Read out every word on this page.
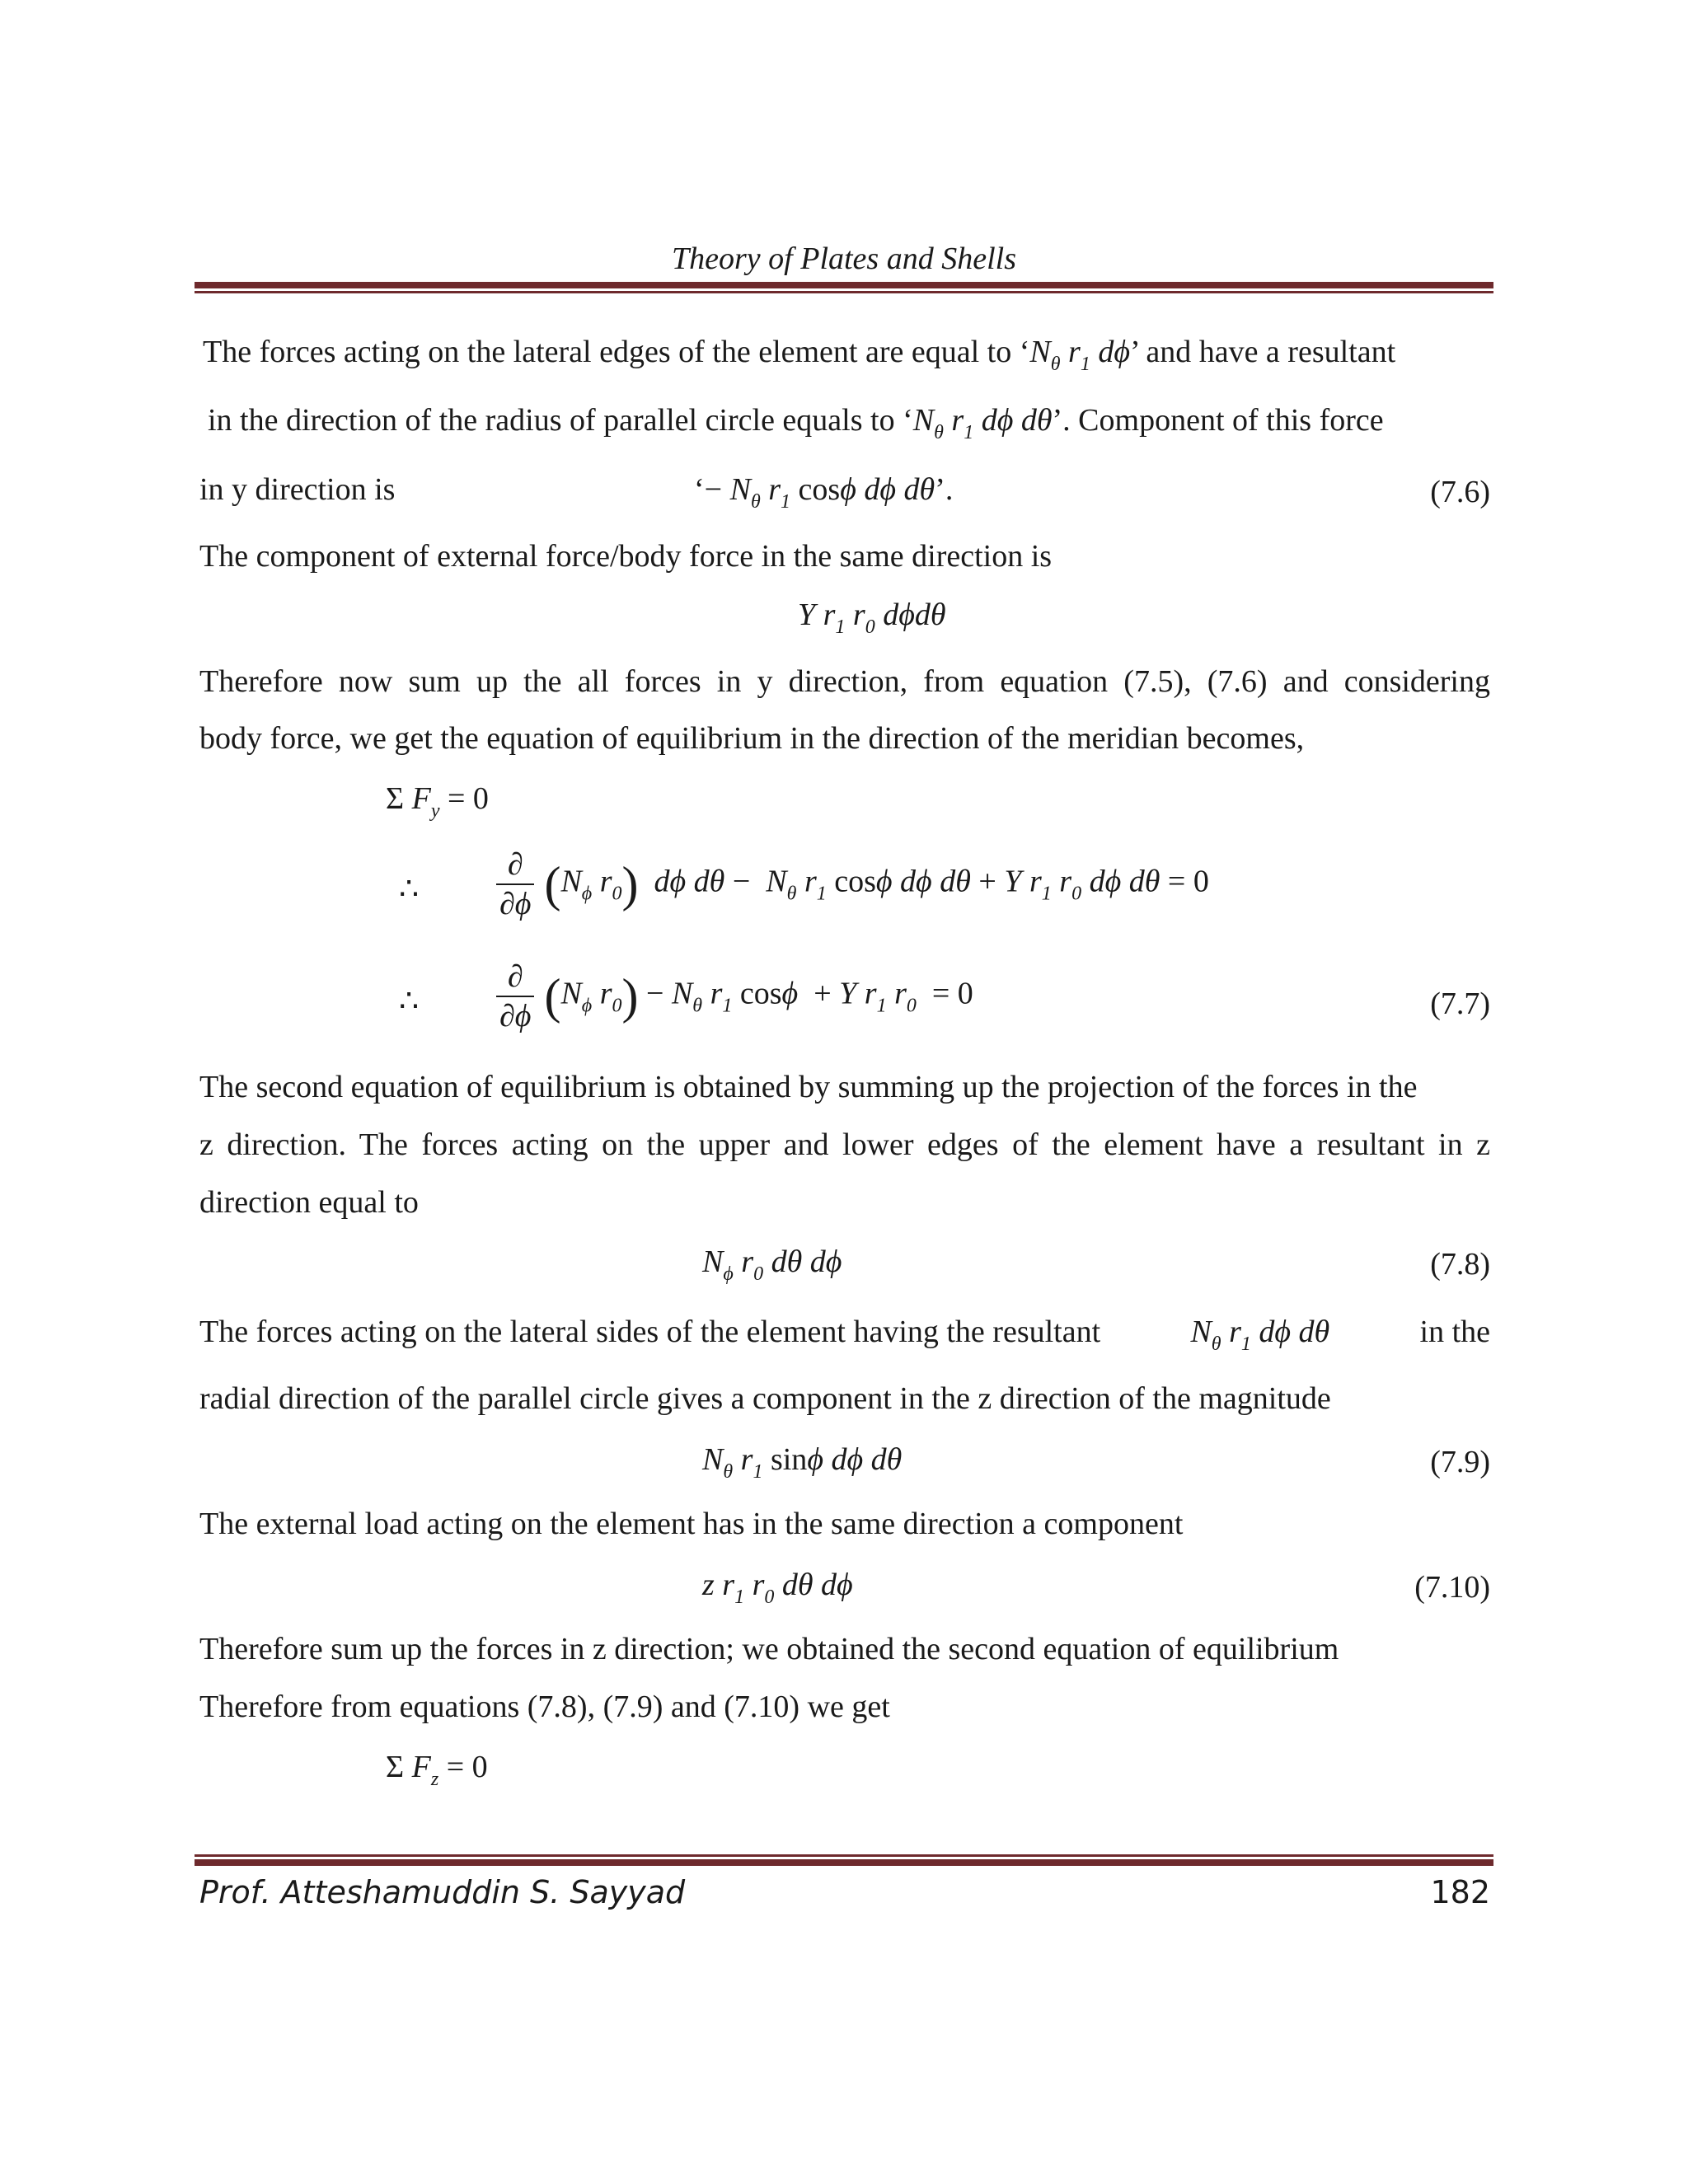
Theory of Plates and Shells
The forces acting on the lateral edges of the element are equal to ‘$N_\theta$ $r_1$ dϕ’ and have a resultant
in the direction of the radius of parallel circle equals to ‘$N_\theta$ $r_1$ dϕ dθ’. Component of this force
in y direction is	‘− $N_\theta$ $r_1$ cosϕ dϕ dθ’.	(7.6)
The component of external force/body force in the same direction is
Y $r_1$ $r_0$ dϕdθ
Therefore now sum up the all forces in y direction, from equation (7.5), (7.6) and considering
body force, we get the equation of equilibrium in the direction of the meridian becomes,
Σ $F_y = 0$
∴ $\frac{\partial}{\partial\phi} (N_\phi$ $r_0$)  dϕ $d\theta - N_\theta$ $r_1$ cosϕ dϕ dθ + Y $r_1$ $r_0$ dϕ dθ = 0
∴ $\frac{\partial}{\partial\phi} (N_\phi$ $r_0) - N_\theta$ $r_1$ cosϕ  + Y $r_1$ $r_0 = 0$	(7.7)
The second equation of equilibrium is obtained by summing up the projection of the forces in the
z direction. The forces acting on the upper and lower edges of the element have a resultant in z
direction equal to
$N_\phi$ $r_0$ dθ dϕ	(7.8)
The forces acting on the lateral sides of the element having the resultant	$N_\theta$ $r_1$ dϕ dθ	in the
radial direction of the parallel circle gives a component in the z direction of the magnitude
$N_\theta$ $r_1$ sinϕ dϕ dθ	(7.9)
The external load acting on the element has in the same direction a component
z $r_1$ $r_0$ dθ dϕ	(7.10)
Therefore sum up the forces in z direction; we obtained the second equation of equilibrium
Therefore from equations (7.8), (7.9) and (7.10) we get
Σ $F_z = 0$
Prof. Atteshamuddin S. Sayyad	182
